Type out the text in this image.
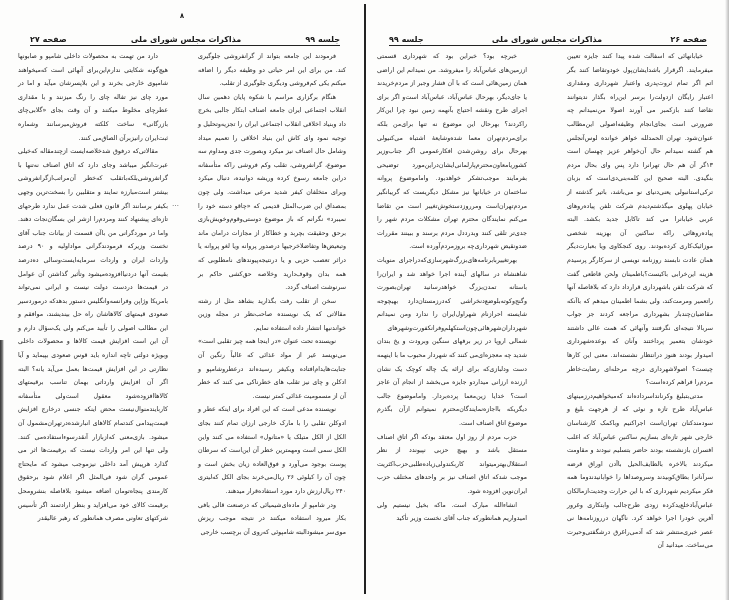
۸
جلسه ۹۹
مذاکرات مجلس شورای ملی
صفحه ۲۷

فرمودند این جامعه بتواند از گرانفروشی جلوگیری کند. من برای این امر حیاتی دو وظیفه دیگر را اضافه میکنم یکی کم‌فروشی ودیگری جلوگیری از تقلب.

هنگام برگزاری مراسم با شکوه پایان دهمین سال انقلاب اجتماعی ایران جامعه اصناف ابتکار جالبی بخرج داد وبنیاد اخلاقی انقلاب اجتماعی ایران را تجزیه‌وتحلیل و توجیه نمود وای کاش این بنیاد اخلاقی را تعمیم میداد وشامل حال اصناف نیز میکرد وبصورت جدی ومداوم سه موضوع، گرانفروشی، تقلب وکم فروشی راکه متأسفانه دراین جامعه رسوخ کرده وریشه دوانیده، دنبال میکرد وبرای متخلفان کیفر شدید مرعی میداشت. ولی چون بمصداق این ضرب‌المثل قدیمی که «چاقو دسته خود را نمیبرد» نگرانم که باز موضوع دوستی‌وقوم‌وخویش‌بازی برحق وحقیقت بچربد و خطاکار از مجازات درامان ماند وتبعیض‌ها وتفاضلا‌خرجیها درصدور پروانه ویا لغو پروانه یا دراثر تعصب حزبی و یا درنتیجه‌پیوندهای نامطلوبی که همه بدان وقوف‌دارید وخلاصه حق‌کشی حاکم بر سرنوشت اصناف گردد.

سخن از تقلب رفت بگذارید بشاهد مثل از رشته مقالاتی که یک نویسنده صاحب‌نظر در مجله وزین خواندنیها انتشار داده استفاده نمایم.

نویسنده تحت عنوان «در اینجا همه چیز تقلبی است» می‌نویسد غیر از مواد غذائی که غالباً رنگین آن جنایت‌هایدام‌افتاده وبکیفر رسیده‌اند درعطروشامپو و ادکلن و چای نیز تقلب های خطرناکی می کنند که خطر آن از مسمومیت غذائی کمتر نیست.

نویسنده مدعی است که این افراد برای اینکه عطر و ادوکلن تقلبی را با مارک خارجی ارزان تمام کنند بجای الکل از الکل متیلک یا «متانول» استفاده می کنند واین الکل سمی است ومهمترین خطر آن این‌است که سرطان پوست بوجود می‌آورد و فوق‌العاده زیان بخش است و چون آن را کیلوئی ۲۶ ریال‌می‌خرند بجای الکل که‌لیتری ۲۴۰ ریال‌ارزش دارد مورد استفاده‌قرار میدهند.

ودر شامپو از ماده‌ای‌شیمیائی که درصنعت قالی بافی بکار میرود استفاده میکنند در نتیجه موجب ریزش موی‌سر میشود‌البته شامپوئی که‌روی آن برچسب خارجی

دارد من تهمت به محصولات داخلی شامپو و صابونها هیچ‌گونه شکایتی ندارم‌این‌برای آنهائی است که‌میخواهند شامپوی خارجی بخرند و این بلاپسرشان میآید و اما در مورد چای نیز تفاله چای را رنگ میزنند و با مقداری عطرچای مخلوط میکنند و آن وقت بجای «گلابی‌چای بازرگانی» ساخت کلکته فروش‌میرسانند وشماره ثبت‌ایران رانیزبرآن الصاق‌می کنند.

مقالاتی‌که درفوق شدخلاصه‌ایست ازچندمقاله که‌خیلی عبرت‌انگیز میباشد وجای دارد که اتاق اصناف نه‌تنها با گرانفروشی‌بلکه‌باتقلب که‌خطر آن‌مراتب‌ازگرانفروشی بیشتر است‌مبارزه نمایند و متقلبین را بسخت‌ترین وجهی بکیفر برسانند اگر قانون فعلی شدت عمل ندارد طرحهای تازه‌ای پیشنهاد کنند ومردم‌را ازشر این بسگان‌نجات دهند. واما در موردگرانی من باآن قسمت از بیانات جناب آقای نخست وزیرکه فرمودندگرانی مواداولیه و ۹۰ درصد واردات ایران و واردات سرمایه‌ایست‌وسالی ده‌درصد بقیمت آنها دردنیاافزوده‌میشود وتأثیر گذاشتن آن عوامل در قیمت‌ها دردست دولت نیست و ایرانی نمی‌تواند بامریکا وژاپن وفرانسه‌وانگلیس دستور بدهدکه درموردسیر صعودی قیمتهای کالاهاشان راه حل بیندیشند، موافقم و این مطالب اصولی را تأیید می‌کنم ولی یک‌سؤال دارم و آن این است افزایش قیمت کالاها و محصولات داخلی وبویژه دولتی تاچه اندازه باید قوس صعودی بپیماید و آیا نظارتی در این افزایش قیمت‌ها بعمل می‌آید یانه؟ البته اگر آن افزایش وارداتی بهمان تناسب برقیمتهای کالاهاافزوده‌شود معقول است‌ولی متأسفانه کاربایندمنوال‌نیست محض اینکه جنسی درخارج افزایش قیمت‌پیدامی کندتمام کالاهای انبارشده‌درتهران‌مشمول آن میشود. بازی‌معنی که‌ازبازار آنقدرسوءاستفاده‌می کنند. ولی تنها این امر واردات نیست که برقیمت‌ها اثر می گذارد هرپیش آمد داخلی نیزموجب میشود که مایحتاج عمومی گران شود فی‌المثل اگر اعلام شود برحقوق کارمندی پنجاه‌تومان اضافه میشود بلافاصله بنشرومحل برقیمت کالای خود می‌افزاید و بنظر ارادتمند اگر تأسیس شرکتهای تعاونی مصرف همانطور که رهبر عالیقدر

…
صفحه ۲۶
مذاکرات مجلس شورای ملی
جلسه ۹۹

خیابانهائی که اسفالت شده پیدا کنند جایزه تعیین میفرمایند. اگرقرار باشدایشان‌پول خودوتقاضا کنند بگر اتم اگر تمام ثروت‌پدری واعتبار شهرداری ومقداری اعتبار رایگان ازدولت‌را برسر این‌راه بگذار ندیتوانند تقاضا کنند بازکمبر می آورند اصولا من‌نمیدانم چه ضرورتی است بجای‌انجام وظیفه‌اصولی این‌مطالب عنوان‌شود. تهران الحمدلله خواهر خوانده لوس‌آنجلس هم گشته نمیدانم حال آن‌خواهر عزیز چهسان است ۱۳گر آن هم حال تهرانرا دارد پس وای بحال مردم بنگیدی. البته صحیح این کلمه‌بنی‌دی‌است که بزبان ترکی‌استانبولی یعنی‌دنیای نو می‌باشد، باتیر گذشته از خیابان پهلوی میگذشتم‌دیدم شرکت تلفن پیاده‌روهای غربی خیابانرا می کند تاکابل جدید بکشد. البته پیاده‌روهائی راکه ساکنین آن بهزینه شخصی موزائیک‌کاری کرده‌بودند. روی کنجکاوی ویا بعبارت‌دیگر همان عادت نابسند روزنامه نویسی از سرکارگر پرسیدم هزینه این‌خرابی باکیست‌؟باطمینان ولحن قاطعی گفت که شرکت تلفن باشهرداری قرارداد دارد که بلافاصله آنها راتعمیر ومرمت‌کند، ولی بشما اطمینان میدهم که باآنکه مقاضیان‌چندبار بشهرداری مراجعه کردند جز جواب سربالا نتیجه‌ای نگرفتند وآنهائی که همت عالی داشتند خودشان بتعمیر پرداختند وآنان که بوعده‌شهرداری امیدوار بودند هنوز درانتظار نشسته‌اند. معنی این کارها چیست؟ اصولاشهرداری درچه مرحله‌ای رضایت‌خاطر مردم‌را فراهم کرده‌است؟

مدتی‌بتبلیغ وکرنا‌نداسرداده‌اند که‌میخواهیم‌درزمینهای عباس‌آباد طرح تازه و نوئی که از هرجهت بلیغ و سودمند‌کنان تهران‌است اجرا‌کنیم وباکمک کارشناسان خارجی شهر تازه‌ای بسازیم ساکنین عباس‌آباد که اغلب افسران بازنشسته بودند حاضر بتسلیم نبودند و مقاومت میکردند بالاخره بالطایف‌الحیل باآدن اوراق قرضه سرآنانرا بطاق‌کوبیدند وسروصدا‌ها را خوابانیدند‌وما همه فکر میکردیم شهرداری که با این حرارت وجدیت‌ازمالکان عباس‌آبادخلع‌یدکرده زودی طرح‌جالب وابتکاری وغرور آفرین خود‌را اجرا خواهد کرد. ناگهان درروزنامه‌ها نی عصر خبری‌منتشر شد که آدمی‌راغرق درشگفتی‌وحیرت می‌ساخت. میدانید آن

خبرچه بود؟ خبراین بود که شهرداری قسمتی اززمین‌های عباس‌آباد را میفروشد. من نمیدانم این اراضی همان زمین‌هائی است که با آن فشار وجبر از مردم‌خریدند یا جای‌دیگر، بهرحال عباس‌آباد، عباس‌آباد است‌و اگر برای اجرای طرح ونقشه احتیاج بآنهمه زمین نبود چرا این‌کار راکردند؟ بهرحال این موضوع نه تنها برای‌من بلکه برای‌مردم‌تهران معما شده‌وشایعهٔ اشتباه می‌کنیولی بهرحال برای روشن‌شدن افکارعمومی اگر جناب‌وزیر کشور‌یامعاون‌محترم‌پارلمانی‌ایشان‌دراین‌مورد توضیحی بفرمایند موجب‌تشکر خواهدبود. واماموضوع پروانه ساختمان در خیابانها نیز مشکل دیگریست که گریبانگیر مردم‌تهران‌است ومرروزدستخوش‌تغییر است من تقاضا می‌کنم نمایندگان محترم تهران مشکلات مردم شهر را جدی‌تر تلقی کنند وبدردد‌ل مردم برسند و ببینند مقررات ضدونقیض شهرداری‌چه بروزمردم‌آورده است.

بهرتغییر‌بابرنامه‌های‌بزرگ‌شهرسازی‌که‌دراجرای منویات شاهنشاه در سالهای آینده اجرا خواهد شد و ایران‌را باستانه تمدن‌بزرگ خواهدرسانید تهران‌بصورت وگنج‌وکوته‌بلوضع‌دنخراشی که‌درزمستان‌دارد بهیچوجه شایسته احرازنام شهراول‌ایران را ندارد ومن نمیدانم شهرداران‌شهرهائی‌چون‌استکهلم‌وفرانکفورت‌وشهرهای شمالی اروپا در زیر برفهای سنگین وبرودت و یخ بندان شدید چه معجزه‌ای‌می کنند که شهردار محبوب ما با اینهمه دست ودلبازی‌که برای ارائه یک چاله کوچک یک نشان ارزنده ارزانی میدارد‌و جایزه می‌بخشد از انجام آن عاجز است؟ خدایا زین‌معما پرده‌بردار. واما‌موضوع جالب دیگریکه بااجازه‌نمایندگان‌محترم نمیتوانم ازآن بگذرم موضوع اتاق اصناف است.

حزب مردم از روز اول معتقد بودکه اگر اتاق اصناف مستقل باشد و بهیچ حزبی نپیوندد از نظر استقلال‌بهتر‌میتواند کاربکند‌ولی‌زیاده‌طلبی‌حزب‌اکثریت موجب شدکه اتاق اصناف نیز بر واحدهای مختلف حزب ایران‌نوین افزوده شود.

انشاءالله مبارک است. ماکه بخیل نیستیم ولی امیدواریم همانطورکه جناب آقای نخست وزیر تأکید
